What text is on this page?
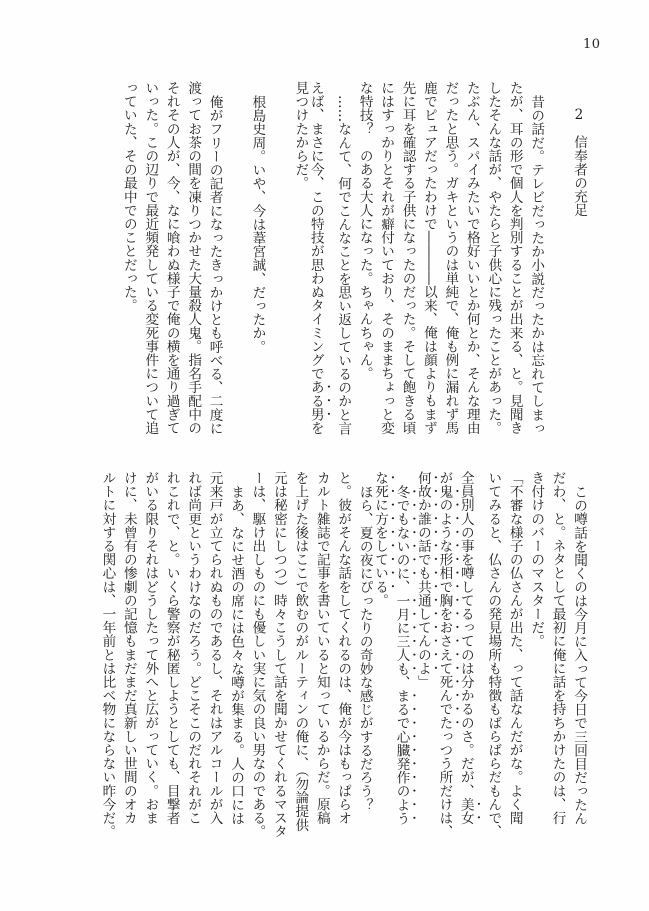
10
2信奉者の充足
昔の話だ。テレビだったか小説だったかは忘れてしまっ
たが、耳の形で個人を判別することが出来る、と。見聞き
したそんな話が、やたらと子供心に残ったことがあった。
たぶん、スパイみたいで格好いいとか何とか、そんな理由
だったと思う。ガキというのは単純で、俺も例に漏れず馬
鹿でピュアだったわけで――――以来、俺は顔よりもまず
先に耳を確認する子供になったのだった。そして飽きる頃
にはすっかりとそれが癖付いており、そのままちょっと変
な特技？　のある大人になった。ちゃんちゃん。
……なんて、何でこんなことを思い返しているのかと言
えば、まさに今、この特技が思わぬタイミングである男を
見つけたからだ。
根島史周。いや、今は葦宮誠、だったか。
俺がフリーの記者になったきっかけとも呼べる、二度に
渡ってお茶の間を凍りつかせた大量殺人鬼。指名手配中の
それその人が、今、なに喰わぬ様子で俺の横を通り過ぎて
いった。この辺りで最近頻発している変死事件について追
っていた、その最中でのことだった。
この噂話を聞くのは今月に入って今日で三回目だったん
だわ、と。ネタとして最初に俺に話を持ちかけたのは、行
き付けのバーのマスターだ。
「不審な様子の仏さんが出た、って話なんだがな。よく聞
いてみると、仏さんの発見場所も特徴もばらばらだもんで、
全員別人の事を噂してるってのは分かるのさ。だが、美女
が鬼のような形相で胸をおさえて死んでたっつう所だけは、
何故か誰の話でも共通してんのよ」
冬でもないのに、一月に三人も、まるで心臓発作のよう
な死に方をしている。
ほら、夏の夜にぴったりの奇妙な感じがするだろう？
と。彼がそんな話をしてくれるのは、俺が今はもっぱらオ
カルト雑誌で記事を書いていると知っているからだ。原稿
を上げた後はここで飲むのがルーティンの俺に、（勿論提供
元は秘密にしつつ）時々こうして話を聞かせてくれるマスタ
ーは、駆け出しものにも優しい実に気の良い男なのである。
まあ、なにせ酒の席には色々な噂が集まる。人の口には
元来戸が立てられぬものであるし、それはアルコールが入
れば尚更というわけなのだろう。どこそこのだれそれがこ
れこれで、と。いくら警察が秘匿しようとしても、目撃者
がいる限りそれはどうしたって外へと広がっていく。おま
けに、未曾有の惨劇の記憶もまだまだ真新しい世間のオカ
ルトに対する関心は、一年前とは比べ物にならない昨今だ。
